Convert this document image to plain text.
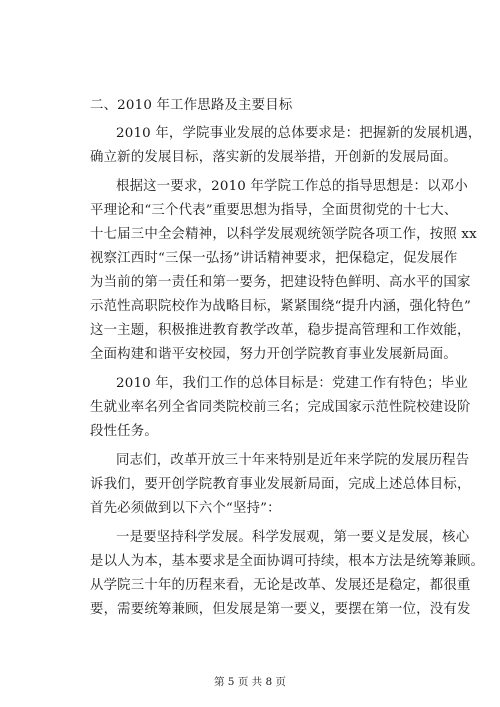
二、2010 年工作思路及主要目标
2010 年，学院事业发展的总体要求是：把握新的发展机遇，
确立新的发展目标，落实新的发展举措，开创新的发展局面。
根据这一要求，2010 年学院工作总的指导思想是：以邓小
平理论和“三个代表”重要思想为指导，全面贯彻党的十七大、
十七届三中全会精神，以科学发展观统领学院各项工作，按照 xx
视察江西时“三保一弘扬”讲话精神要求，把保稳定，促发展作
为当前的第一责任和第一要务，把建设特色鲜明、高水平的国家
示范性高职院校作为战略目标，紧紧围绕“提升内涵，强化特色”
这一主题，积极推进教育教学改革，稳步提高管理和工作效能，
全面构建和谐平安校园，努力开创学院教育事业发展新局面。
2010 年，我们工作的总体目标是：党建工作有特色；毕业
生就业率名列全省同类院校前三名；完成国家示范性院校建设阶
段性任务。
同志们，改革开放三十年来特别是近年来学院的发展历程告
诉我们，要开创学院教育事业发展新局面，完成上述总体目标，
首先必须做到以下六个“坚持”：
一是要坚持科学发展。科学发展观，第一要义是发展，核心
是以人为本，基本要求是全面协调可持续，根本方法是统筹兼顾。
从学院三十年的历程来看，无论是改革、发展还是稳定，都很重
要，需要统筹兼顾，但发展是第一要义，要摆在第一位，没有发
第 5 页 共 8 页
